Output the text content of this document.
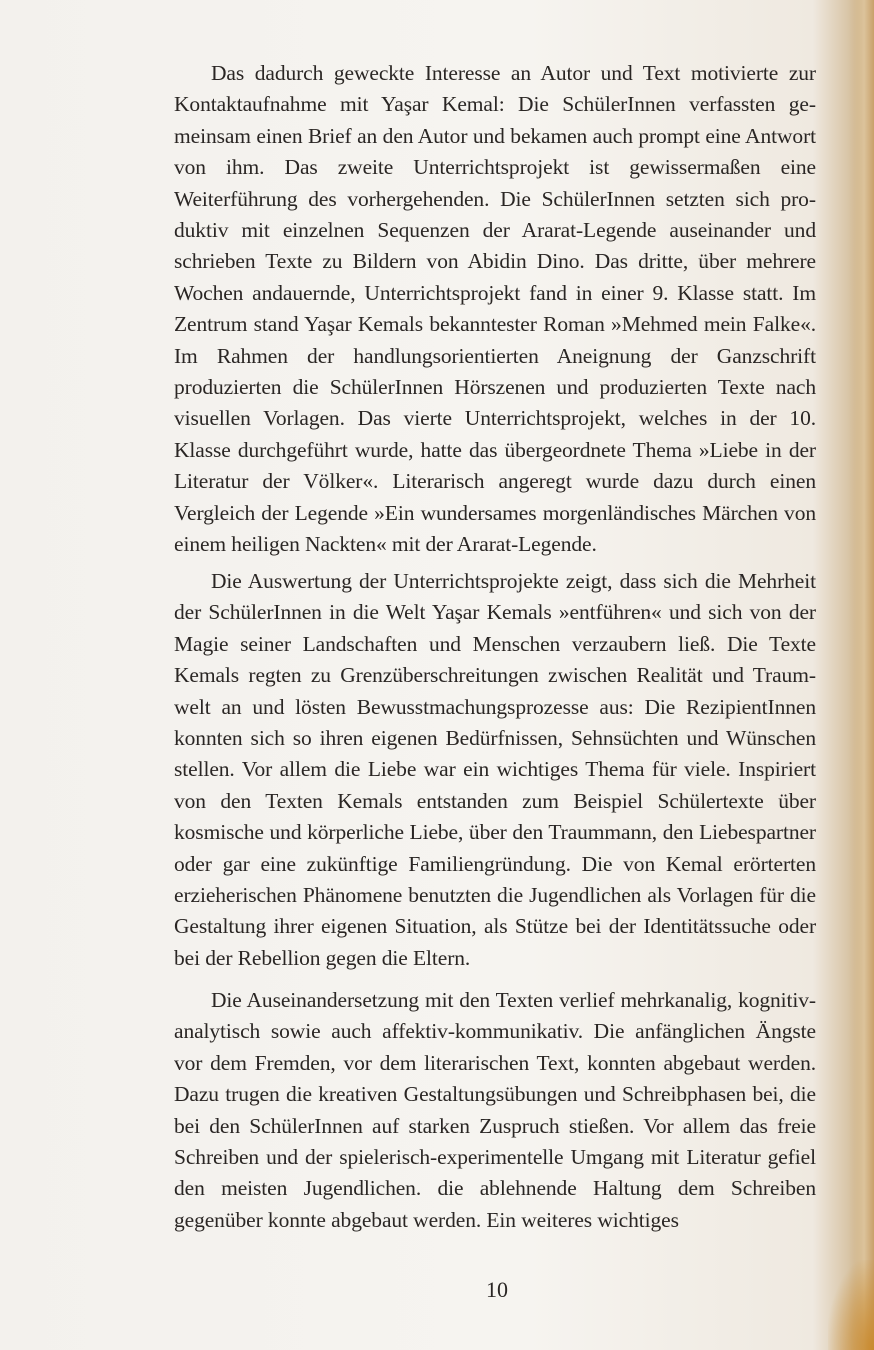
Das dadurch geweckte Interesse an Autor und Text motivierte zur Kontaktaufnahme mit Yaşar Kemal: Die SchülerInnen verfassten gemeinsam einen Brief an den Autor und bekamen auch prompt eine Antwort von ihm. Das zweite Unterrichtsprojekt ist gewissermaßen eine Weiterführung des vorhergehenden. Die SchülerInnen setzten sich produktiv mit einzelnen Sequenzen der Ararat-Legende auseinander und schrieben Texte zu Bildern von Abidin Dino. Das dritte, über mehrere Wochen andauernde, Unterrichtsprojekt fand in einer 9. Klasse statt. Im Zentrum stand Yaşar Kemals bekanntester Roman »Mehmed mein Falke«. Im Rahmen der handlungsorientierten Aneignung der Ganzschrift produzierten die SchülerInnen Hörszenen und produzierten Texte nach visuellen Vorlagen. Das vierte Unterrichtsprojekt, welches in der 10. Klasse durchgeführt wurde, hatte das übergeordnete Thema »Liebe in der Literatur der Völker«. Literarisch angeregt wurde dazu durch einen Vergleich der Legende »Ein wundersames morgenländisches Märchen von einem heiligen Nackten« mit der Ararat-Legende.

Die Auswertung der Unterrichtsprojekte zeigt, dass sich die Mehrheit der SchülerInnen in die Welt Yaşar Kemals »entführen« und sich von der Magie seiner Landschaften und Menschen verzaubern ließ. Die Texte Kemals regten zu Grenzüberschreitungen zwischen Realität und Traumwelt an und lösten Bewusstmachungsprozesse aus: Die RezipientInnen konnten sich so ihren eigenen Bedürfnissen, Sehnsüchten und Wünschen stellen. Vor allem die Liebe war ein wichtiges Thema für viele. Inspiriert von den Texten Kemals entstanden zum Beispiel Schülertexte über kosmische und körperliche Liebe, über den Traummann, den Liebespartner oder gar eine zukünftige Familiengründung. Die von Kemal erörterten erzieherischen Phänomene benutzten die Jugendlichen als Vorlagen für die Gestaltung ihrer eigenen Situation, als Stütze bei der Identitätssuche oder bei der Rebellion gegen die Eltern.

Die Auseinandersetzung mit den Texten verlief mehrkanalig, kognitiv-analytisch sowie auch affektiv-kommunikativ. Die anfänglichen Ängste vor dem Fremden, vor dem literarischen Text, konnten abgebaut werden. Dazu trugen die kreativen Gestaltungsübungen und Schreibphasen bei, die bei den SchülerInnen auf starken Zuspruch stießen. Vor allem das freie Schreiben und der spielerisch-experimentelle Umgang mit Literatur gefiel den meisten Jugendlichen. die ablehnende Haltung dem Schreiben gegenüber konnte abgebaut werden. Ein weiteres wichtiges

10
